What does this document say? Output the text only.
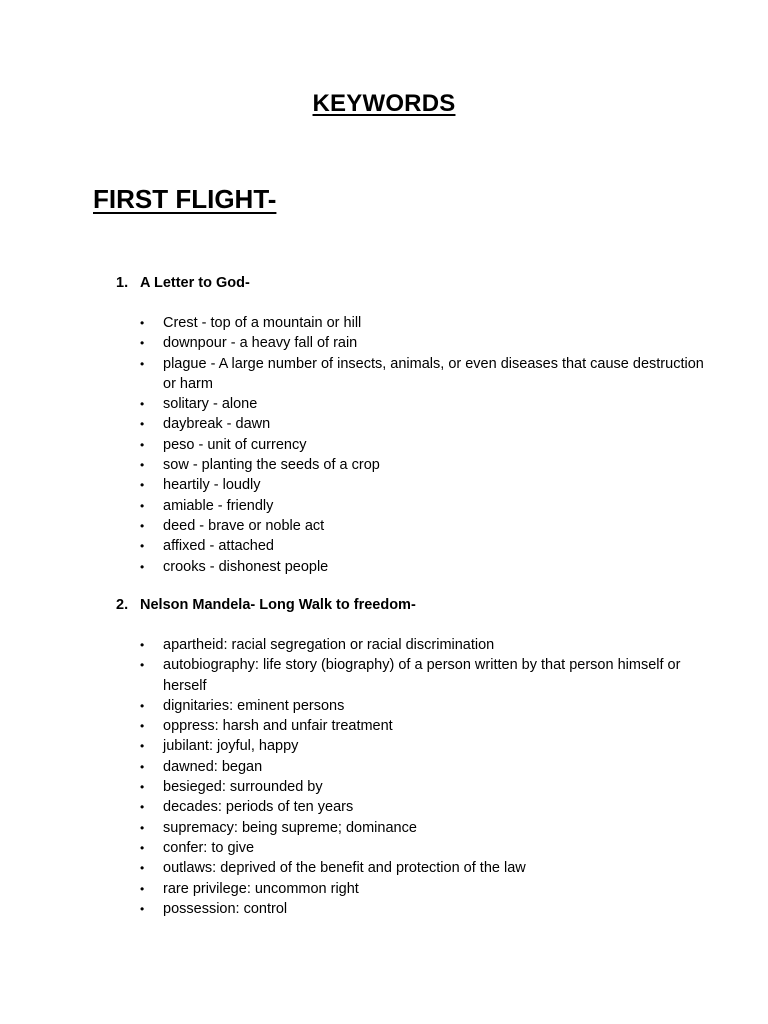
KEYWORDS
FIRST FLIGHT-
1. A Letter to God-
• Crest - top of a mountain or hill
• downpour - a heavy fall of rain
• plague - A large number of insects, animals, or even diseases that cause destruction or harm
• solitary - alone
• daybreak - dawn
• peso - unit of currency
• sow - planting the seeds of a crop
• heartily - loudly
• amiable - friendly
• deed - brave or noble act
• affixed - attached
• crooks - dishonest people
2. Nelson Mandela- Long Walk to freedom-
• apartheid: racial segregation or racial discrimination
• autobiography: life story (biography) of a person written by that person himself or herself
• dignitaries: eminent persons
• oppress: harsh and unfair treatment
• jubilant: joyful, happy
• dawned: began
• besieged: surrounded by
• decades: periods of ten years
• supremacy: being supreme; dominance
• confer: to give
• outlaws: deprived of the benefit and protection of the law
• rare privilege: uncommon right
• possession: control
